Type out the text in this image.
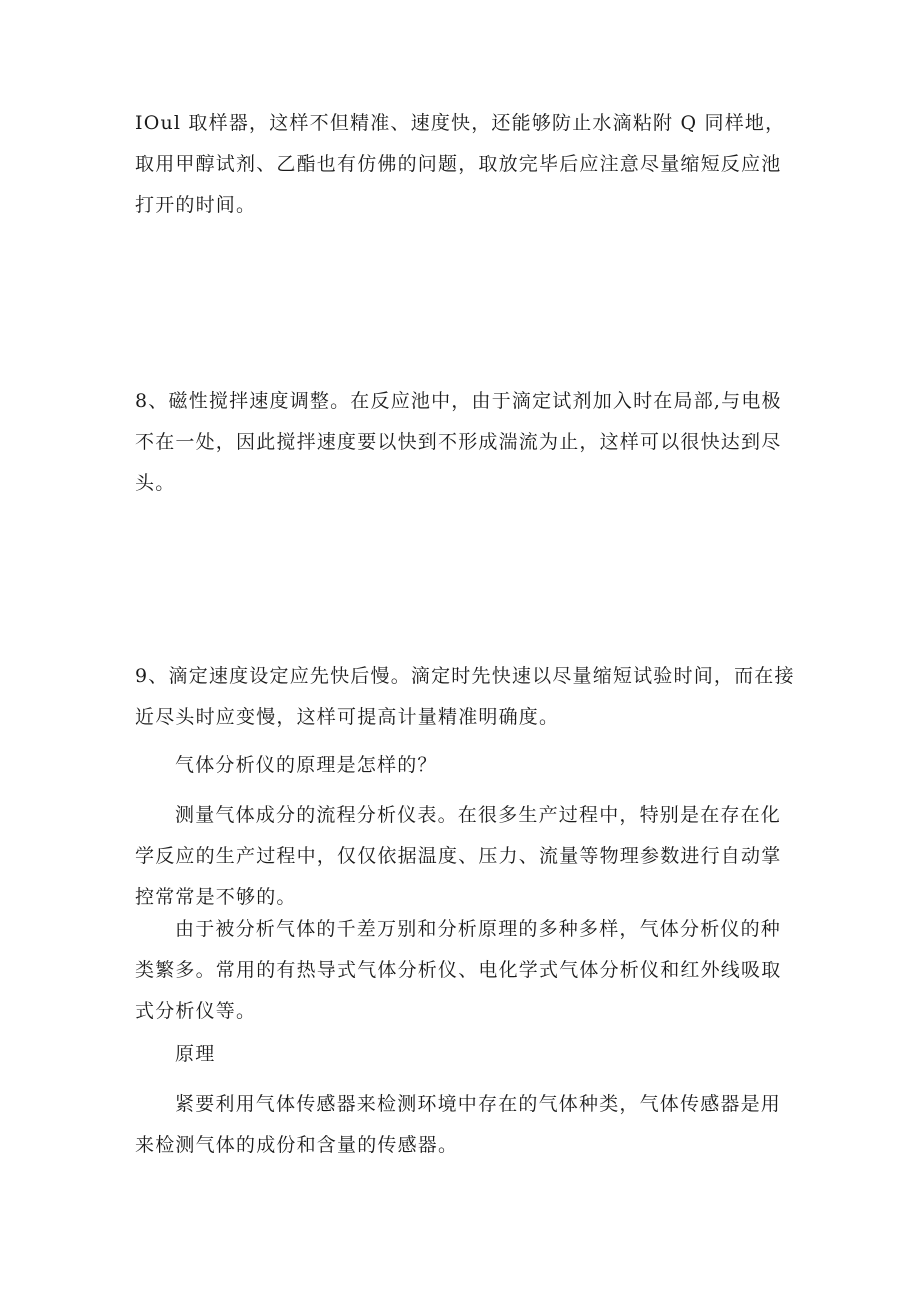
IOul 取样器，这样不但精准、速度快，还能够防止水滴粘附 Q 同样地，取用甲醇试剂、乙酯也有仿佛的问题，取放完毕后应注意尽量缩短反应池打开的时间。

8、磁性搅拌速度调整。在反应池中，由于滴定试剂加入时在局部,与电极不在一处，因此搅拌速度要以快到不形成湍流为止，这样可以很快达到尽头。

9、滴定速度设定应先快后慢。滴定时先快速以尽量缩短试验时间，而在接近尽头时应变慢，这样可提高计量精准明确度。

气体分析仪的原理是怎样的？

测量气体成分的流程分析仪表。在很多生产过程中，特别是在存在化学反应的生产过程中，仅仅依据温度、压力、流量等物理参数进行自动掌控常常是不够的。

由于被分析气体的千差万别和分析原理的多种多样，气体分析仪的种类繁多。常用的有热导式气体分析仪、电化学式气体分析仪和红外线吸取式分析仪等。

原理

紧要利用气体传感器来检测环境中存在的气体种类，气体传感器是用来检测气体的成份和含量的传感器。
